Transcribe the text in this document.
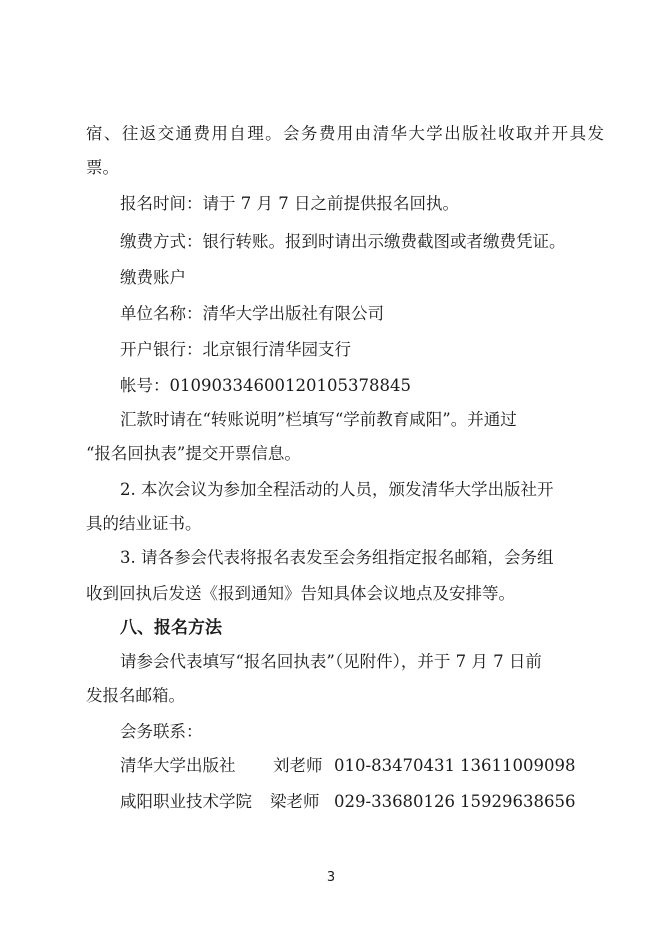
宿、往返交通费用自理。会务费用由清华大学出版社收取并开具发
票。
报名时间：请于 7 月 7 日之前提供报名回执。
缴费方式：银行转账。报到时请出示缴费截图或者缴费凭证。
缴费账户
单位名称：清华大学出版社有限公司
开户银行：北京银行清华园支行
帐号：01090334600120105378845
汇款时请在“转账说明”栏填写“学前教育咸阳”。并通过
“报名回执表”提交开票信息。
2. 本次会议为参加全程活动的人员，颁发清华大学出版社开
具的结业证书。
3. 请各参会代表将报名表发至会务组指定报名邮箱，会务组
收到回执后发送《报到通知》告知具体会议地点及安排等。
八、报名方法
请参会代表填写“报名回执表”（见附件），并于 7 月 7 日前
发报名邮箱。
会务联系：
清华大学出版社 刘老师 010-83470431 13611009098
咸阳职业技术学院 梁老师 029-33680126 15929638656
3
